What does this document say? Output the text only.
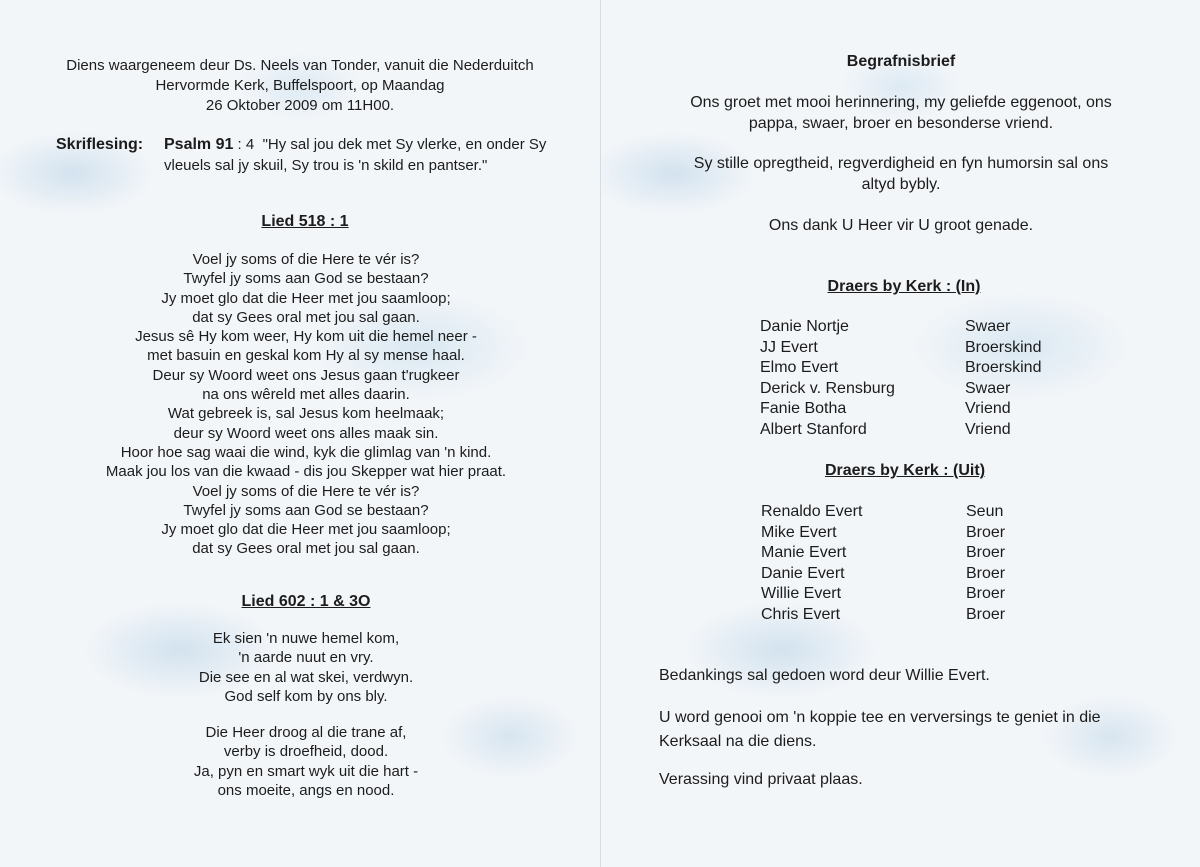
Diens waargeneem deur Ds. Neels van Tonder, vanuit die Nederduitch
Hervormde Kerk, Buffelspoort, op Maandag
26 Oktober 2009 om 11H00.
Skriflesing: Psalm 91 : 4 "Hy sal jou dek met Sy vlerke, en onder Sy vleuels sal jy skuil, Sy trou is 'n skild en pantser."
Lied 518 : 1
Voel jy soms of die Here te vér is?
Twyfel jy soms aan God se bestaan?
Jy moet glo dat die Heer met jou saamloop;
dat sy Gees oral met jou sal gaan.
Jesus sê Hy kom weer, Hy kom uit die hemel neer -
met basuin en geskal kom Hy al sy mense haal.
Deur sy Woord weet ons Jesus gaan t'rugkeer
na ons wêreld met alles daarin.
Wat gebreek is, sal Jesus kom heelmaak;
deur sy Woord weet ons alles maak sin.
Hoor hoe sag waai die wind, kyk die glimlag van 'n kind.
Maak jou los van die kwaad - dis jou Skepper wat hier praat.
Voel jy soms of die Here te vér is?
Twyfel jy soms aan God se bestaan?
Jy moet glo dat die Heer met jou saamloop;
dat sy Gees oral met jou sal gaan.
Lied 602 : 1 & 3O
Ek sien 'n nuwe hemel kom,
'n aarde nuut en vry.
Die see en al wat skei, verdwyn.
God self kom by ons bly.
Die Heer droog al die trane af,
verby is droefheid, dood.
Ja, pyn en smart wyk uit die hart -
ons moeite, angs en nood.
Begrafnisbrief
Ons groet met mooi herinnering, my geliefde eggenoot, ons
pappa, swaer, broer en besonderse vriend.
Sy stille opregtheid, regverdigheid en fyn humorsin sal ons
altyd bybly.
Ons dank U Heer vir U groot genade.
Draers by Kerk : (In)
Danie Nortje	Swaer
JJ Evert	Broerskind
Elmo Evert	Broerskind
Derick v. Rensburg	Swaer
Fanie Botha	Vriend
Albert Stanford	Vriend
Draers by Kerk : (Uit)
Renaldo Evert	Seun
Mike Evert	Broer
Manie Evert	Broer
Danie Evert	Broer
Willie Evert	Broer
Chris Evert	Broer
Bedankings sal gedoen word deur Willie Evert.
U word genooi om 'n koppie tee en verversings te geniet in die
Kerksaal na die diens.
Verassing vind privaat plaas.
